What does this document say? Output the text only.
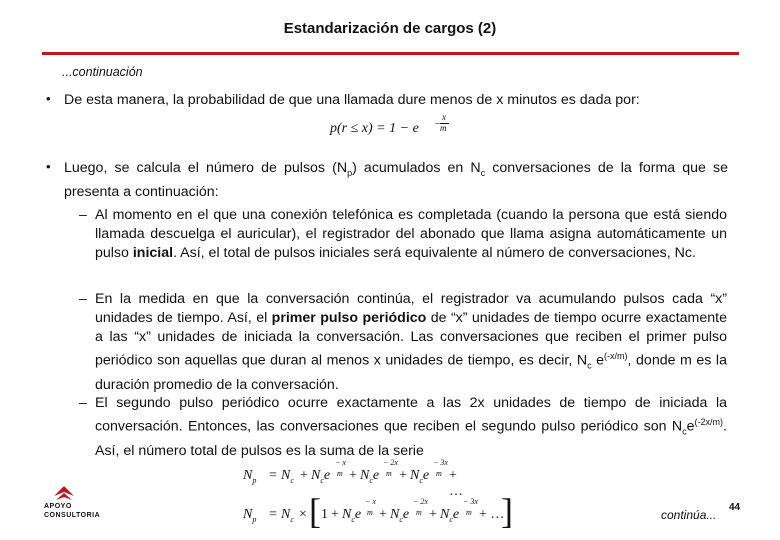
Estandarización de cargos (2)
...continuación
• De esta manera, la probabilidad de que una llamada dure menos de x minutos es dada por:
p(r ≤ x) = 1 − e −
x
m
• Luego, se calcula el número de pulsos $(N_p)$ acumulados en $N_c$ conversaciones de la forma que se presenta a continuación:
– Al momento en el que una conexión telefónica es completada (cuando la persona que está siendo llamada descuelga el auricular), el registrador del abonado que llama asigna automáticamente un pulso inicial. Así, el total de pulsos iniciales será equivalente al número de conversaciones, Nc.
– En la medida en que la conversación continúa, el registrador va acumulando pulsos cada “x” unidades de tiempo. Así, el primer pulso periódico de “x” unidades de tiempo ocurre exactamente a las “x” unidades de iniciada la conversación. Las conversaciones que reciben el primer pulso periódico son aquellas que duran al menos x unidades de tiempo, es decir, $N_c$ $e^{(-x/m)}$, donde m es la duración promedio de la conversación.
– El segundo pulso periódico ocurre exactamente a las 2x unidades de tiempo de iniciada la conversación. Entonces, las conversaciones que reciben el segundo pulso periódico son $N_ce^{(-2x/m)}$. Así, el número total de pulsos es la suma de la serie
$N_p = N_c + N_ce$
− x
$m + N_ce$
− 2x
$m + N_ce$
− 3x
m + …
$N_p = N_c$ × [ $1 + N_ce$
− x
$m + N_ce$
− 2x
$m + N_ce$
− 3x
m + …
]
APOYO
CONSULTORIA	continúa...
44
